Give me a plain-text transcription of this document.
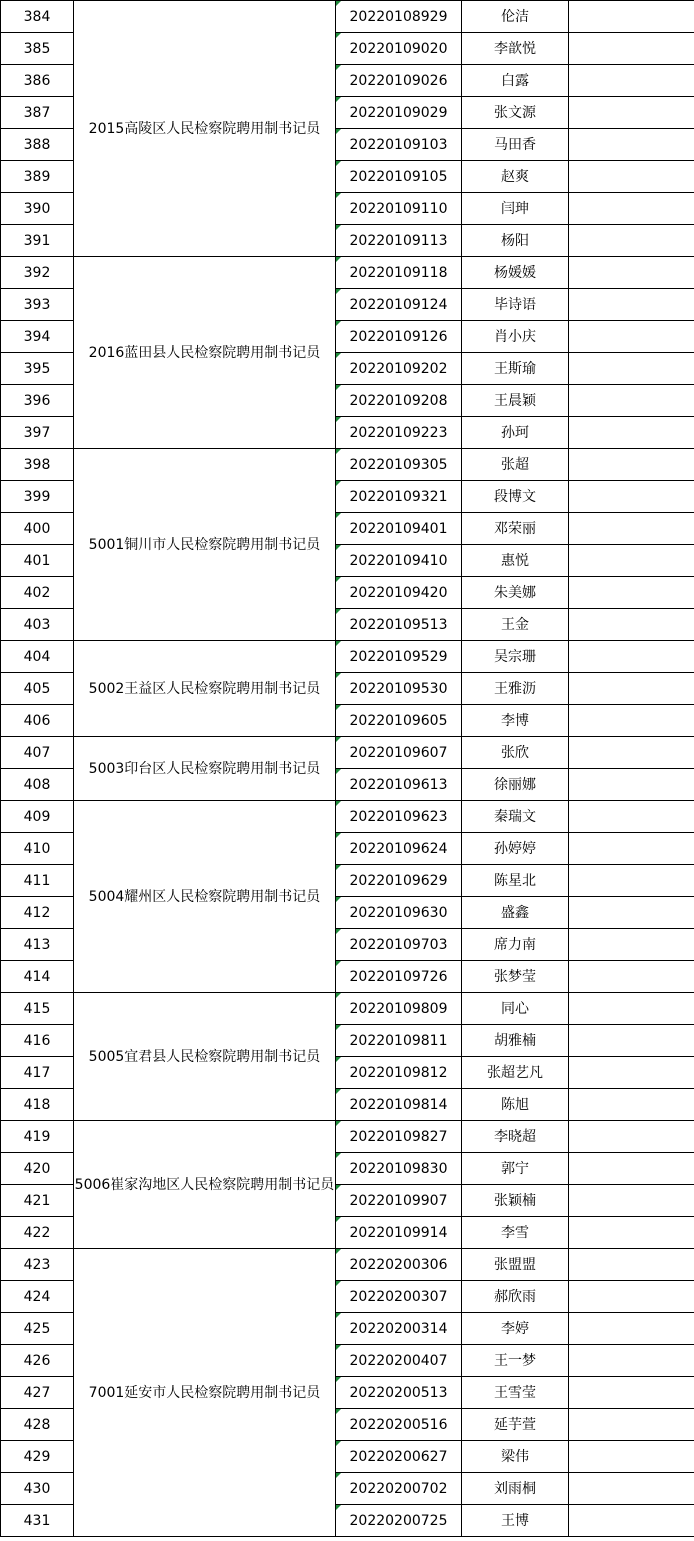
384	2015高陵区人民检察院聘用制书记员	20220108929	伦洁	
385		20220109020	李歆悦	
386		20220109026	白露	
387		20220109029	张文源	
388		20220109103	马田香	
389		20220109105	赵爽	
390		20220109110	闫珅	
391		20220109113	杨阳	
392	2016蓝田县人民检察院聘用制书记员	20220109118	杨媛媛	
393		20220109124	毕诗语	
394		20220109126	肖小庆	
395		20220109202	王斯瑜	
396		20220109208	王晨颖	
397		20220109223	孙珂	
398	5001铜川市人民检察院聘用制书记员	20220109305	张超	
399		20220109321	段博文	
400		20220109401	邓荣丽	
401		20220109410	惠悦	
402		20220109420	朱美娜	
403		20220109513	王金	
404	5002王益区人民检察院聘用制书记员	20220109529	吴宗珊	
405		20220109530	王雅沥	
406		20220109605	李博	
407	5003印台区人民检察院聘用制书记员	20220109607	张欣	
408		20220109613	徐丽娜	
409	5004耀州区人民检察院聘用制书记员	20220109623	秦瑞文	
410		20220109624	孙婷婷	
411		20220109629	陈星北	
412		20220109630	盛鑫	
413		20220109703	席力南	
414		20220109726	张梦莹	
415	5005宜君县人民检察院聘用制书记员	20220109809	同心	
416		20220109811	胡雅楠	
417		20220109812	张超艺凡	
418		20220109814	陈旭	
419	5006崔家沟地区人民检察院聘用制书记员	20220109827	李晓超	
420		20220109830	郭宁	
421		20220109907	张颖楠	
422		20220109914	李雪	
423	7001延安市人民检察院聘用制书记员	20220200306	张盟盟	
424		20220200307	郝欣雨	
425		20220200314	李婷	
426		20220200407	王一梦	
427		20220200513	王雪莹	
428		20220200516	延芋萱	
429		20220200627	梁伟	
430		20220200702	刘雨桐	
431		20220200725	王博	
